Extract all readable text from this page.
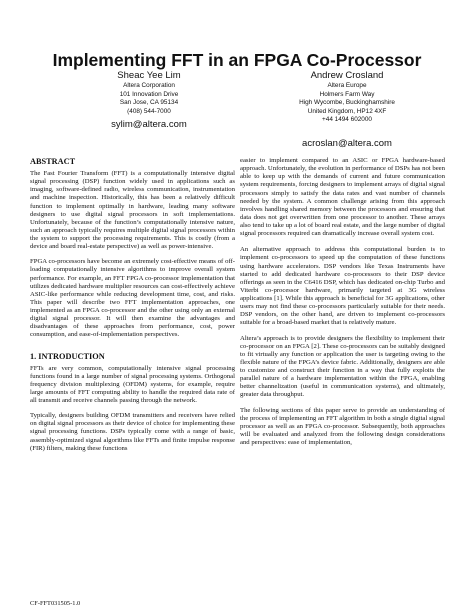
Implementing FFT in an FPGA Co-Processor
Sheac Yee Lim
Altera Corporation
101 Innovation Drive
San Jose, CA 95134
(408) 544-7000
sylim@altera.com
Andrew Crosland
Altera Europe
Holmers Farm Way
High Wycombe, Buckinghamshire
United Kingdom, HP12 4XF
+44 1494 602000
acroslan@altera.com
ABSTRACT

The Fast Fourier Transform (FFT) is a computationally intensive digital signal processing (DSP) function widely used in applications such as imaging, software-defined radio, wireless communication, instrumentation and machine inspection. Historically, this has been a relatively difficult function to implement optimally in hardware, leading many software designers to use digital signal processors in soft implementations. Unfortunately, because of the function’s computationally intensive nature, such an approach typically requires multiple digital signal processors within the system to support the processing requirements. This is costly (from a device and board real-estate perspective) as well as power-intensive.

FPGA co-processors have become an extremely cost-effective means of off-loading computationally intensive algorithms to improve overall system performance. For example, an FFT FPGA co-processor implementation that utilizes dedicated hardware multiplier resources can cost-effectively achieve ASIC-like performance while reducing development time, cost, and risks. This paper will describe two FFT implementation approaches, one implemented as an FPGA co-processor and the other using only an external digital signal processor. It will then examine the advantages and disadvantages of these approaches from performance, cost, power consumption, and ease-of-implementation perspectives.

1. INTRODUCTION

FFTs are very common, computationally intensive signal processing functions found in a large number of signal processing systems. Orthogonal frequency division multiplexing (OFDM) systems, for example, require large amounts of FFT computing ability to handle the required data rate of all transmit and receive channels passing through the network.

Typically, designers building OFDM transmitters and receivers have relied on digital signal processors as their device of choice for implementing these signal processing functions. DSPs typically come with a range of basic, assembly-optimized signal algorithms like FFTs and finite impulse response (FIR) filters, making these functions

easier to implement compared to an ASIC or FPGA hardware-based approach. Unfortunately, the evolution in performance of DSPs has not been able to keep up with the demands of current and future communication system requirements, forcing designers to implement arrays of digital signal processors simply to satisfy the data rates and vast number of channels needed by the system. A common challenge arising from this approach involves handling shared memory between the processors and ensuring that data does not get overwritten from one processor to another. These arrays also tend to take up a lot of board real estate, and the large number of digital signal processors required can dramatically increase overall system cost.

An alternative approach to address this computational burden is to implement co-processors to speed up the computation of these functions using hardware accelerators. DSP vendors like Texas Instruments have started to add dedicated hardware co-processors to their DSP device offerings as seen in the C6416 DSP, which has dedicated on-chip Turbo and Viterbi co-processor hardware, primarily targeted at 3G wireless applications [1]. While this approach is beneficial for 3G applications, other users may not find these co-processors particularly suitable for their needs. DSP vendors, on the other hand, are driven to implement co-processors suitable for a broad-based market that is relatively mature.

Altera’s approach is to provide designers the flexibility to implement their co-processor on an FPGA [2]. These co-processors can be suitably designed to fit virtually any function or application the user is targeting owing to the flexible nature of the FPGA’s device fabric. Additionally, designers are able to customize and construct their function in a way that fully exploits the parallel nature of a hardware implementation within the FPGA, enabling better channelization (useful in communication systems), and ultimately, greater data throughput.

The following sections of this paper serve to provide an understanding of the process of implementing an FFT algorithm in both a single digital signal processor as well as an FPGA co-processor. Subsequently, both approaches will be evaluated and analyzed from the following design considerations and perspectives: ease of implementation,

CF-FFT031505-1.0
